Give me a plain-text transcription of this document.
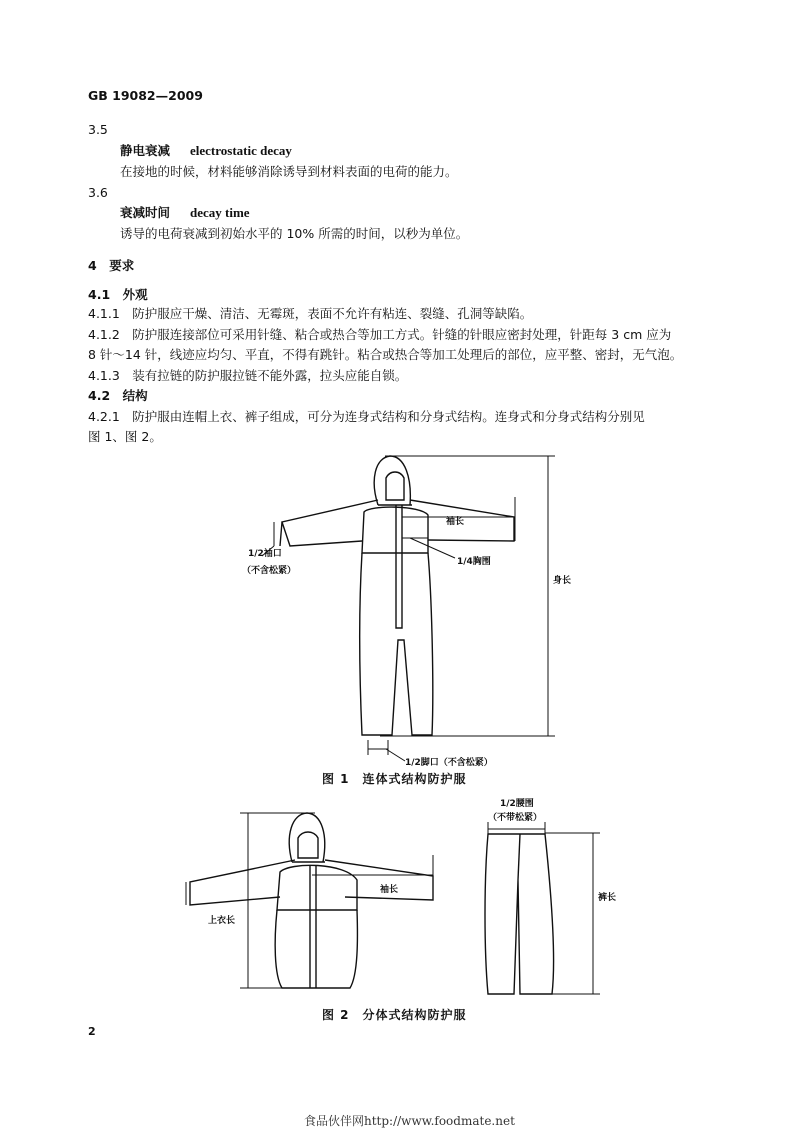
GB 19082—2009
3.5
静电衰减 electrostatic decay
在接地的时候，材料能够消除诱导到材料表面的电荷的能力。
3.6
衰减时间 decay time
诱导的电荷衰减到初始水平的 10% 所需的时间，以秒为单位。
4　要求
4.1　外观
4.1.1　防护服应干燥、清洁、无霉斑，表面不允许有粘连、裂缝、孔洞等缺陷。
4.1.2　防护服连接部位可采用针缝、粘合或热合等加工方式。针缝的针眼应密封处理，针距每 3 cm 应为
8 针～14 针，线迹应均匀、平直，不得有跳针。粘合或热合等加工处理后的部位，应平整、密封，无气泡。
4.1.3　装有拉链的防护服拉链不能外露，拉头应能自锁。
4.2　结构
4.2.1　防护服由连帽上衣、裤子组成，可分为连身式结构和分身式结构。连身式和分身式结构分别见
图 1、图 2。
1/2袖口
（不含松紧）
袖长
1/4胸围
身长
1/2脚口（不含松紧）
图 1　连体式结构防护服
袖长
上衣长
1/2腰围
（不带松紧）
裤长
图 2　分体式结构防护服
2
食品伙伴网http://www.foodmate.net
